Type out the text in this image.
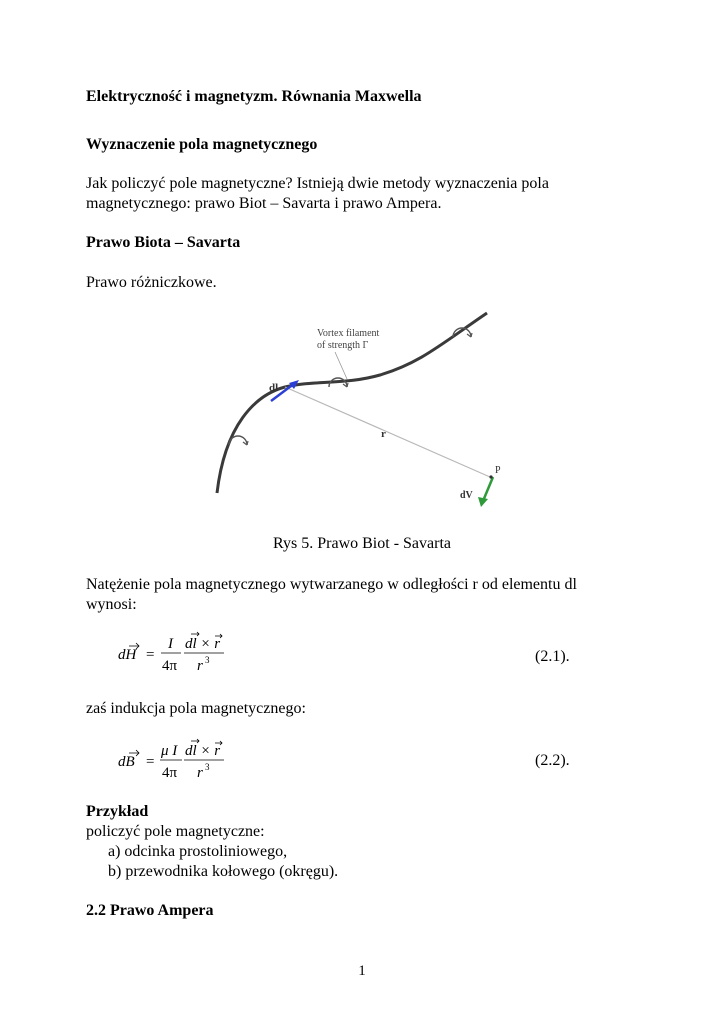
Elektryczność i magnetyzm. Równania Maxwella
Wyznaczenie pola magnetycznego
Jak policzyć pole magnetyczne? Istnieją dwie metody wyznaczenia pola
magnetycznego: prawo Biot – Savarta i prawo Ampera.
Prawo Biota – Savarta
Prawo różniczkowe.
Vortex filament
of strength Γ
dl
r
P
dV
Rys 5. Prawo Biot - Savarta
Natężenie pola magnetycznego wytwarzanego w odległości r od elementu dl
wynosi:
dH =
I
4π
dl × r
r 3	(2.1).
zaś indukcja pola magnetycznego:
dB =
μ I
4π
dl × r
r 3	(2.2).
Przykład
policzyć pole magnetyczne:
a) odcinka prostoliniowego,
b) przewodnika kołowego (okręgu).
2.2 Prawo Ampera
1
